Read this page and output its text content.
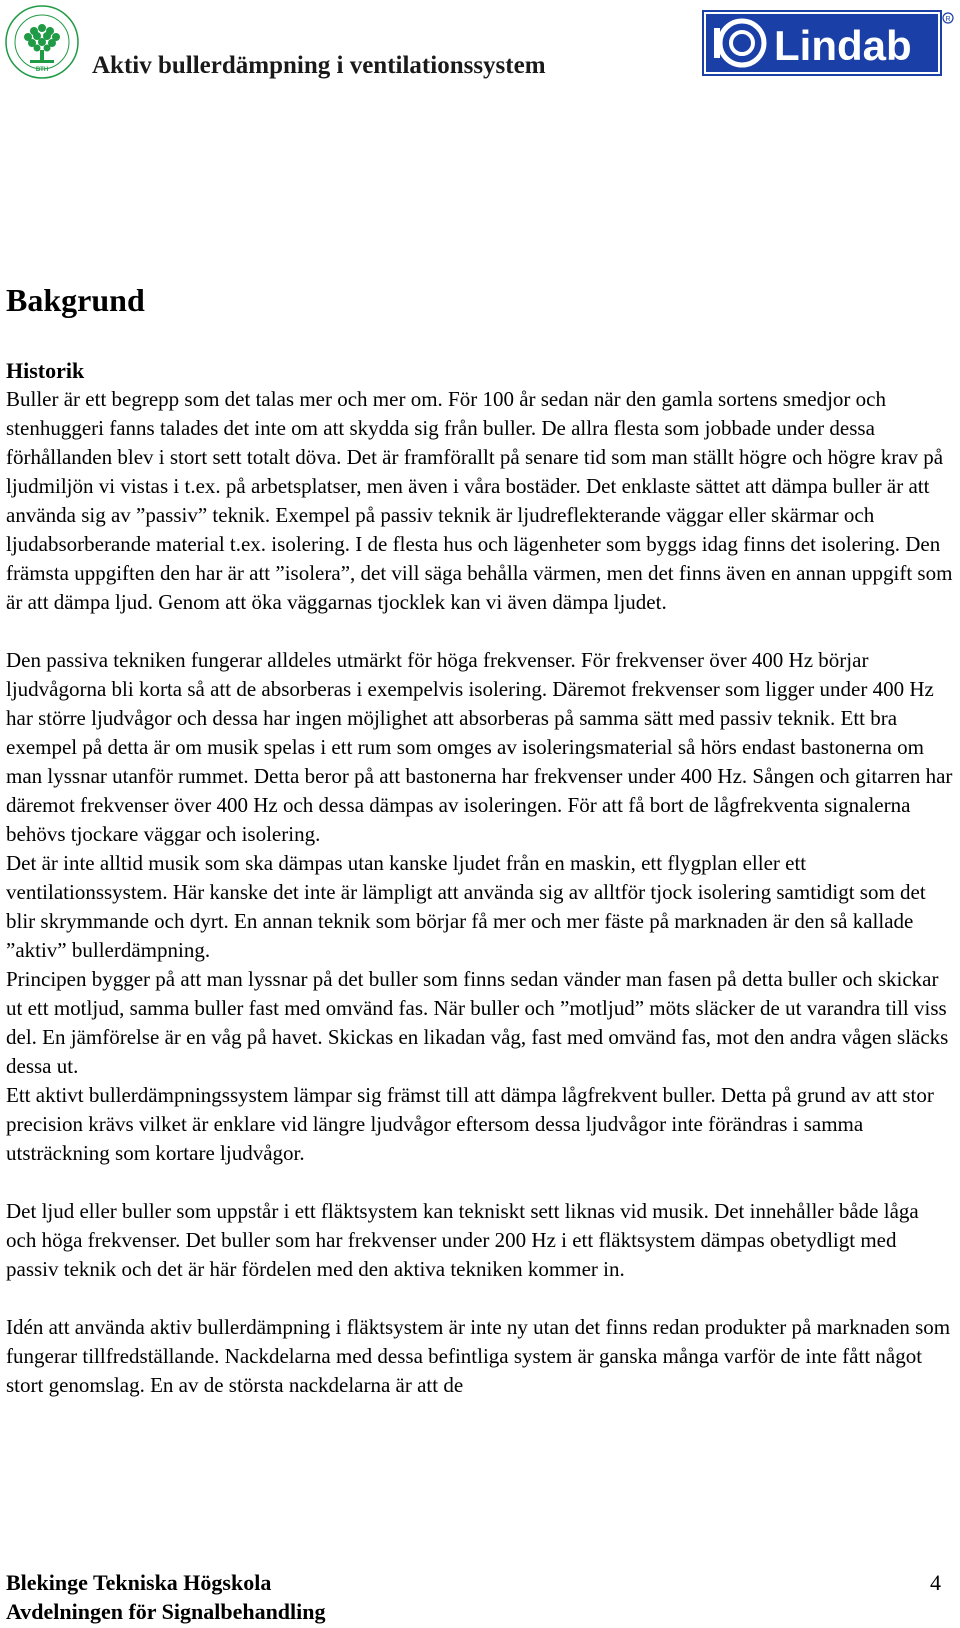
BTH Aktiv bullerdämpning i ventilationssystem	Lindab
R
Bakgrund
Historik

Buller är ett begrepp som det talas mer och mer om. För 100 år sedan när den gamla sortens smedjor och stenhuggeri fanns talades det inte om att skydda sig från buller. De allra flesta som jobbade under dessa förhållanden blev i stort sett totalt döva. Det är framförallt på senare tid som man ställt högre och högre krav på ljudmiljön vi vistas i t.ex. på arbetsplatser, men även i våra bostäder. Det enklaste sättet att dämpa buller är att använda sig av ”passiv” teknik. Exempel på passiv teknik är ljudreflekterande väggar eller skärmar och ljudabsorberande material t.ex. isolering. I de flesta hus och lägenheter som byggs idag finns det isolering. Den främsta uppgiften den har är att ”isolera”, det vill säga behålla värmen, men det finns även en annan uppgift som är att dämpa ljud. Genom att öka väggarnas tjocklek kan vi även dämpa ljudet.

Den passiva tekniken fungerar alldeles utmärkt för höga frekvenser. För frekvenser över 400 Hz börjar ljudvågorna bli korta så att de absorberas i exempelvis isolering. Däremot frekvenser som ligger under 400 Hz har större ljudvågor och dessa har ingen möjlighet att absorberas på samma sätt med passiv teknik. Ett bra exempel på detta är om musik spelas i ett rum som omges av isoleringsmaterial så hörs endast bastonerna om man lyssnar utanför rummet. Detta beror på att bastonerna har frekvenser under 400 Hz. Sången och gitarren har däremot frekvenser över 400 Hz och dessa dämpas av isoleringen. För att få bort de lågfrekventa signalerna behövs tjockare väggar och isolering.

Det är inte alltid musik som ska dämpas utan kanske ljudet från en maskin, ett flygplan eller ett ventilationssystem. Här kanske det inte är lämpligt att använda sig av alltför tjock isolering samtidigt som det blir skrymmande och dyrt. En annan teknik som börjar få mer och mer fäste på marknaden är den så kallade ”aktiv” bullerdämpning.

Principen bygger på att man lyssnar på det buller som finns sedan vänder man fasen på detta buller och skickar ut ett motljud, samma buller fast med omvänd fas. När buller och ”motljud” möts släcker de ut varandra till viss del. En jämförelse är en våg på havet. Skickas en likadan våg, fast med omvänd fas, mot den andra vågen släcks dessa ut.

Ett aktivt bullerdämpningssystem lämpar sig främst till att dämpa lågfrekvent buller. Detta på grund av att stor precision krävs vilket är enklare vid längre ljudvågor eftersom dessa ljudvågor inte förändras i samma utsträckning som kortare ljudvågor.

Det ljud eller buller som uppstår i ett fläktsystem kan tekniskt sett liknas vid musik. Det innehåller både låga och höga frekvenser. Det buller som har frekvenser under 200 Hz i ett fläktsystem dämpas obetydligt med passiv teknik och det är här fördelen med den aktiva tekniken kommer in.

Idén att använda aktiv bullerdämpning i fläktsystem är inte ny utan det finns redan produkter på marknaden som fungerar tillfredställande. Nackdelarna med dessa befintliga system är ganska många varför de inte fått något stort genomslag. En av de största nackdelarna är att de

Blekinge Tekniska Högskola
Avdelningen för Signalbehandling
4
